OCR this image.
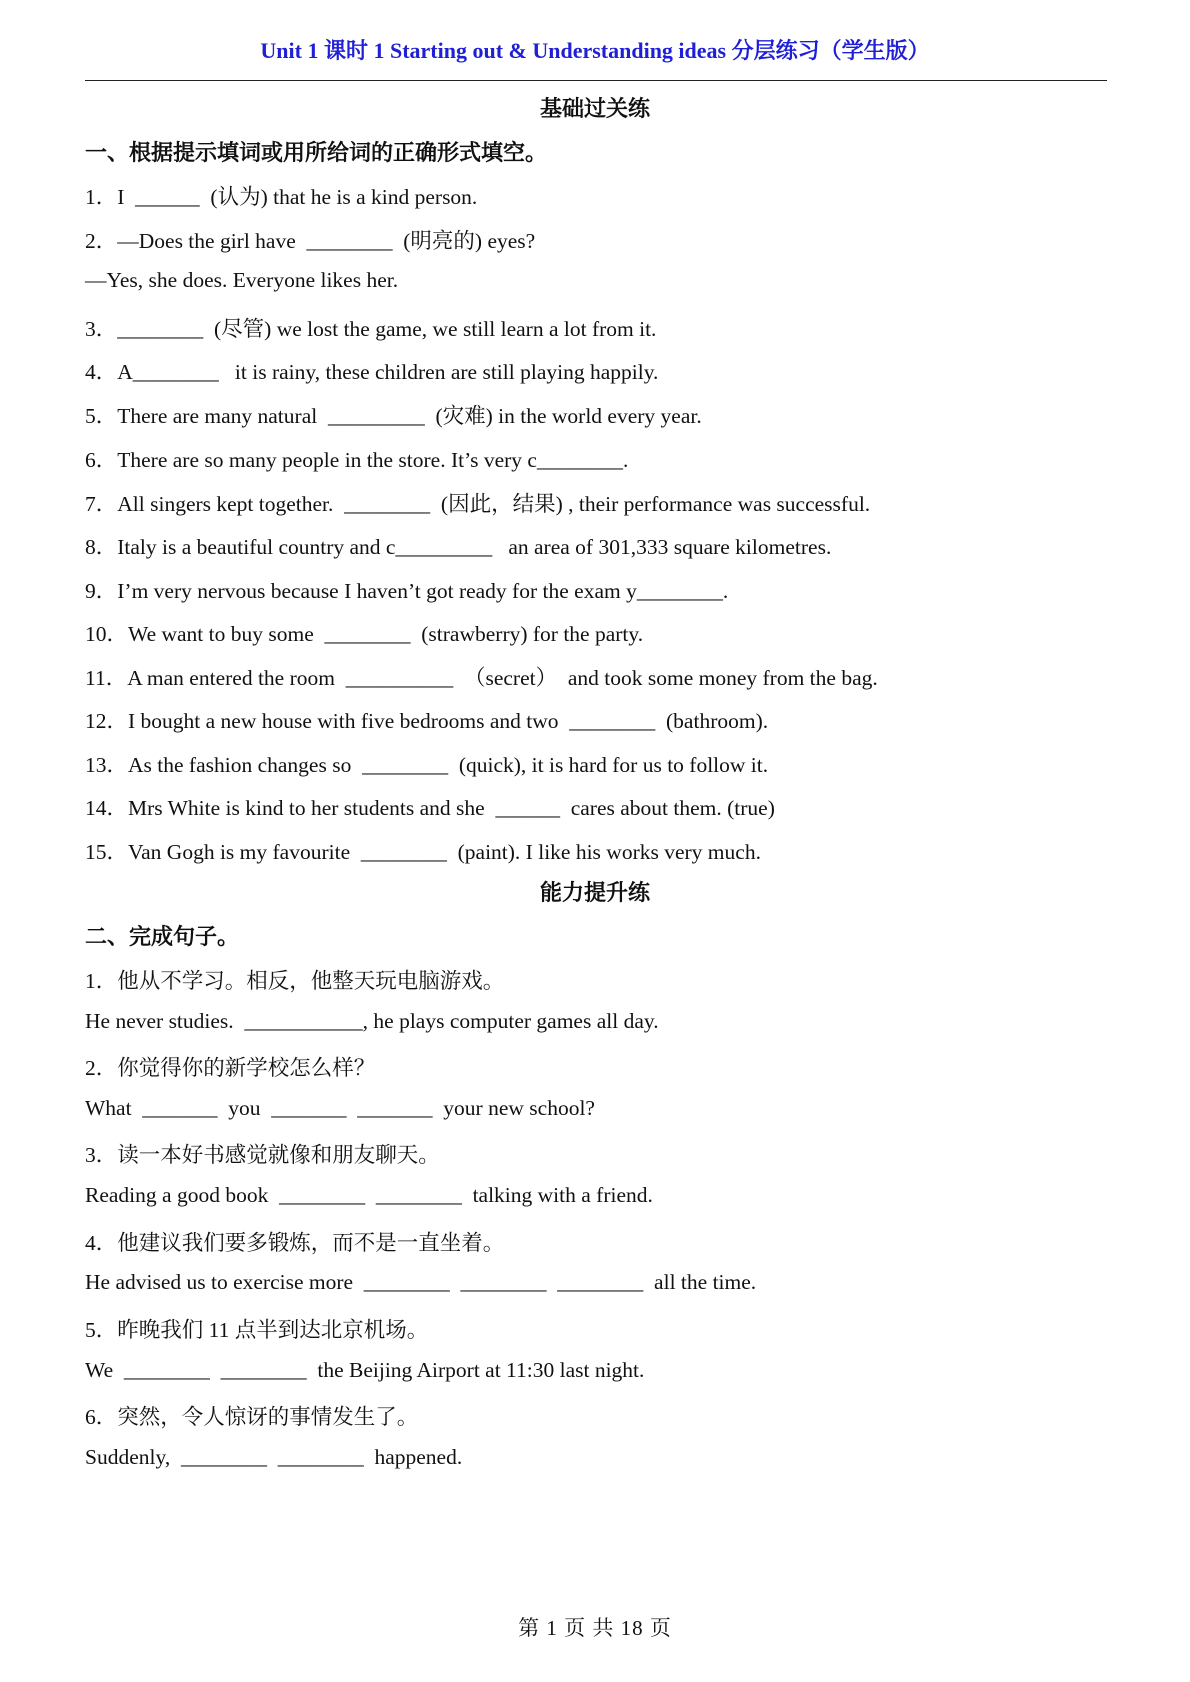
Unit 1 课时 1 Starting out & Understanding ideas 分层练习（学生版）
基础过关练
一、根据提示填词或用所给词的正确形式填空。
1．I  ______  (认为) that he is a kind person.
2．—Does the girl have  ________  (明亮的) eyes?
—Yes, she does. Everyone likes her.
3．________  (尽管) we lost the game, we still learn a lot from it.
4．A________   it is rainy, these children are still playing happily.
5．There are many natural  _________  (灾难) in the world every year.
6．There are so many people in the store. It’s very c________.
7．All singers kept together.  ________  (因此，结果) , their performance was successful.
8．Italy is a beautiful country and c_________   an area of 301,333 square kilometres.
9．I’m very nervous because I haven’t got ready for the exam y________.
10．We want to buy some  ________  (strawberry) for the party.
11．A man entered the room  __________  （secret）  and took some money from the bag.
12．I bought a new house with five bedrooms and two  ________  (bathroom).
13．As the fashion changes so  ________  (quick), it is hard for us to follow it.
14．Mrs White is kind to her students and she  ______  cares about them. (true)
15．Van Gogh is my favourite  ________  (paint). I like his works very much.
能力提升练
二、完成句子。
1．他从不学习。相反，他整天玩电脑游戏。
He never studies.  ___________, he plays computer games all day.
2．你觉得你的新学校怎么样？
What  _______  you  _______  _______  your new school?
3．读一本好书感觉就像和朋友聊天。
Reading a good book  ________  ________  talking with a friend.
4．他建议我们要多锻炼，而不是一直坐着。
He advised us to exercise more  ________  ________  ________  all the time.
5．昨晚我们 11 点半到达北京机场。
We  ________  ________  the Beijing Airport at 11:30 last night.
6．突然，令人惊讶的事情发生了。
Suddenly,  ________  ________  happened.
第 1 页 共 18 页
